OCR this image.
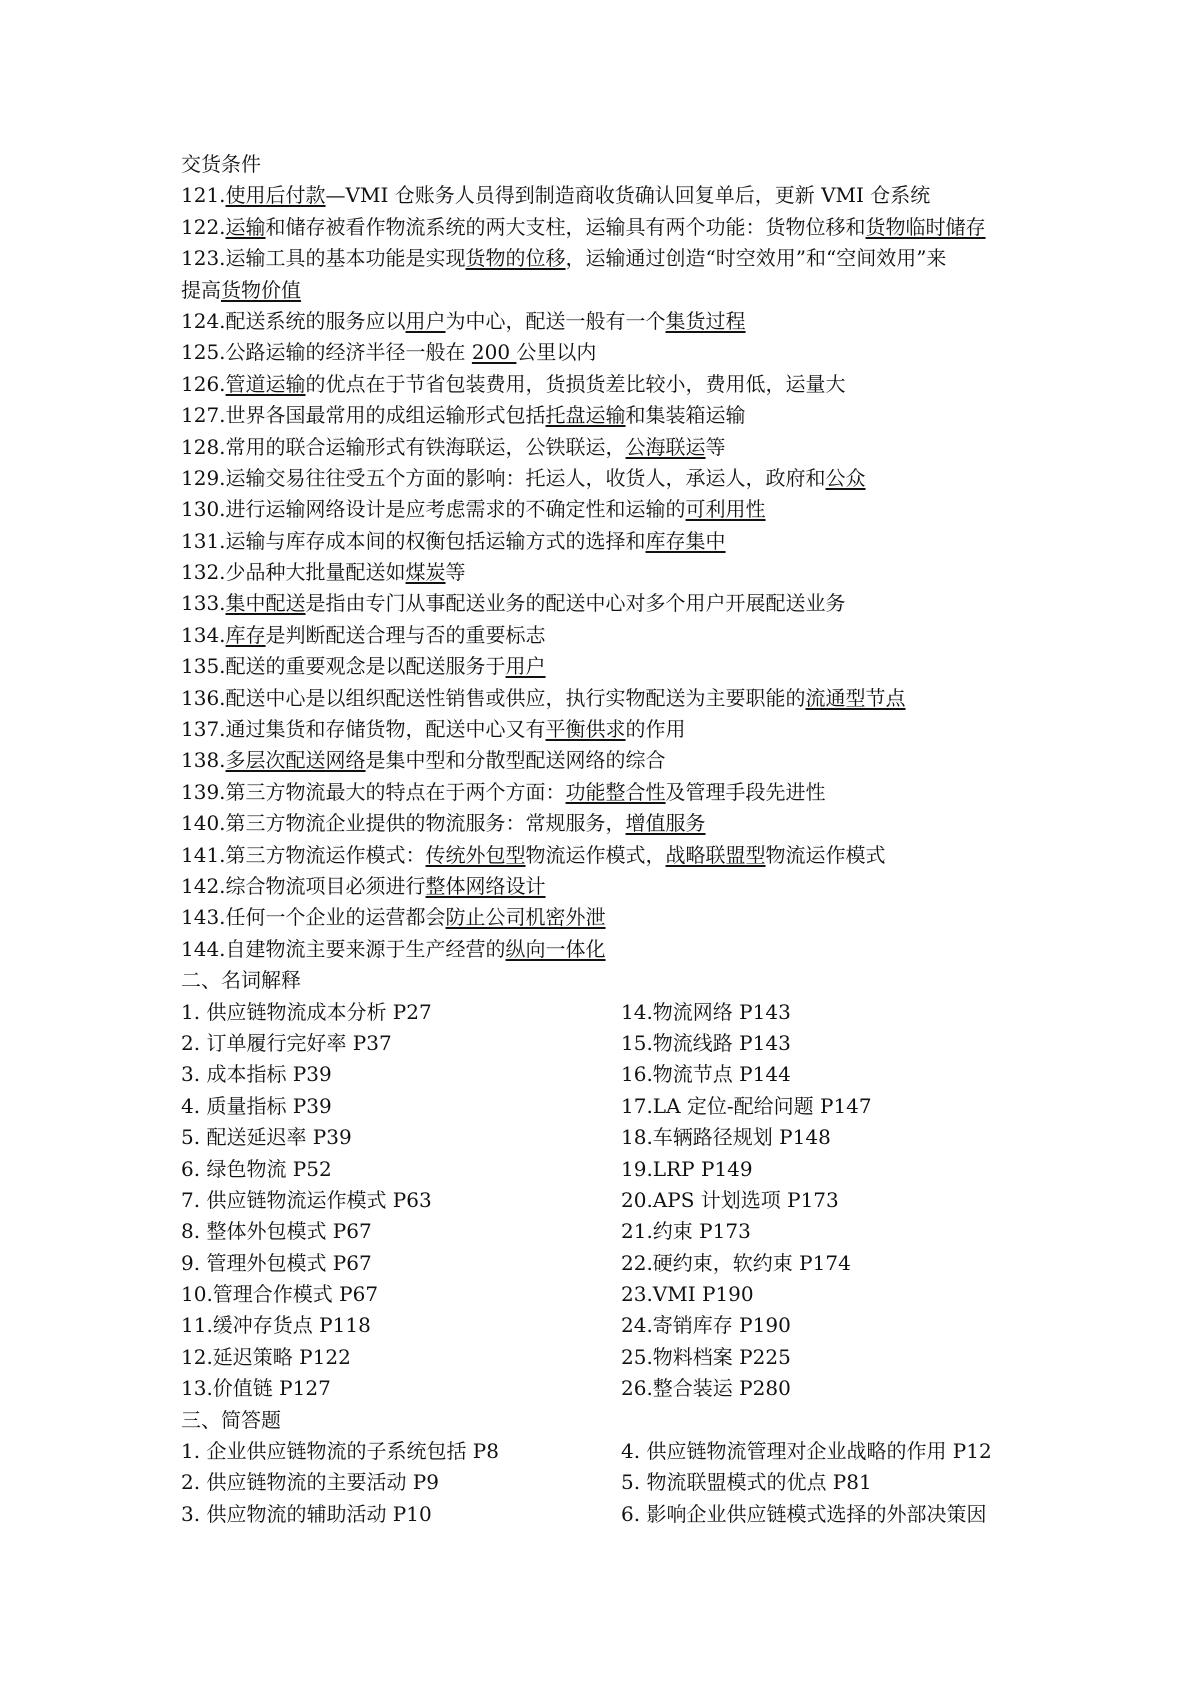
交货条件
121.使用后付款—VMI 仓账务人员得到制造商收货确认回复单后，更新 VMI 仓系统
122.运输和储存被看作物流系统的两大支柱，运输具有两个功能：货物位移和货物临时储存
123.运输工具的基本功能是实现货物的位移，运输通过创造“时空效用”和“空间效用”来
提高货物价值
124.配送系统的服务应以用户为中心，配送一般有一个集货过程
125.公路运输的经济半径一般在 200 公里以内
126.管道运输的优点在于节省包装费用，货损货差比较小，费用低，运量大
127.世界各国最常用的成组运输形式包括托盘运输和集装箱运输
128.常用的联合运输形式有铁海联运，公铁联运，公海联运等
129.运输交易往往受五个方面的影响：托运人，收货人，承运人，政府和公众
130.进行运输网络设计是应考虑需求的不确定性和运输的可利用性
131.运输与库存成本间的权衡包括运输方式的选择和库存集中
132.少品种大批量配送如煤炭等
133.集中配送是指由专门从事配送业务的配送中心对多个用户开展配送业务
134.库存是判断配送合理与否的重要标志
135.配送的重要观念是以配送服务于用户
136.配送中心是以组织配送性销售或供应，执行实物配送为主要职能的流通型节点
137.通过集货和存储货物，配送中心又有平衡供求的作用
138.多层次配送网络是集中型和分散型配送网络的综合
139.第三方物流最大的特点在于两个方面：功能整合性及管理手段先进性
140.第三方物流企业提供的物流服务：常规服务，增值服务
141.第三方物流运作模式：传统外包型物流运作模式，战略联盟型物流运作模式
142.综合物流项目必须进行整体网络设计
143.任何一个企业的运营都会防止公司机密外泄
144.自建物流主要来源于生产经营的纵向一体化
二、名词解释
1. 供应链物流成本分析 P27
2. 订单履行完好率 P37
3. 成本指标 P39
4. 质量指标 P39
5. 配送延迟率 P39
6. 绿色物流 P52
7. 供应链物流运作模式 P63
8. 整体外包模式 P67
9. 管理外包模式 P67
10.管理合作模式 P67
11.缓冲存货点 P118
12.延迟策略 P122
13.价值链 P127
14.物流网络 P143
15.物流线路 P143
16.物流节点 P144
17.LA 定位-配给问题 P147
18.车辆路径规划 P148
19.LRP P149
20.APS 计划选项 P173
21.约束 P173
22.硬约束，软约束 P174
23.VMI P190
24.寄销库存 P190
25.物料档案 P225
26.整合装运 P280
三、简答题
1. 企业供应链物流的子系统包括 P8
2. 供应链物流的主要活动 P9
3. 供应物流的辅助活动 P10
4. 供应链物流管理对企业战略的作用 P12
5. 物流联盟模式的优点 P81
6. 影响企业供应链模式选择的外部决策因
